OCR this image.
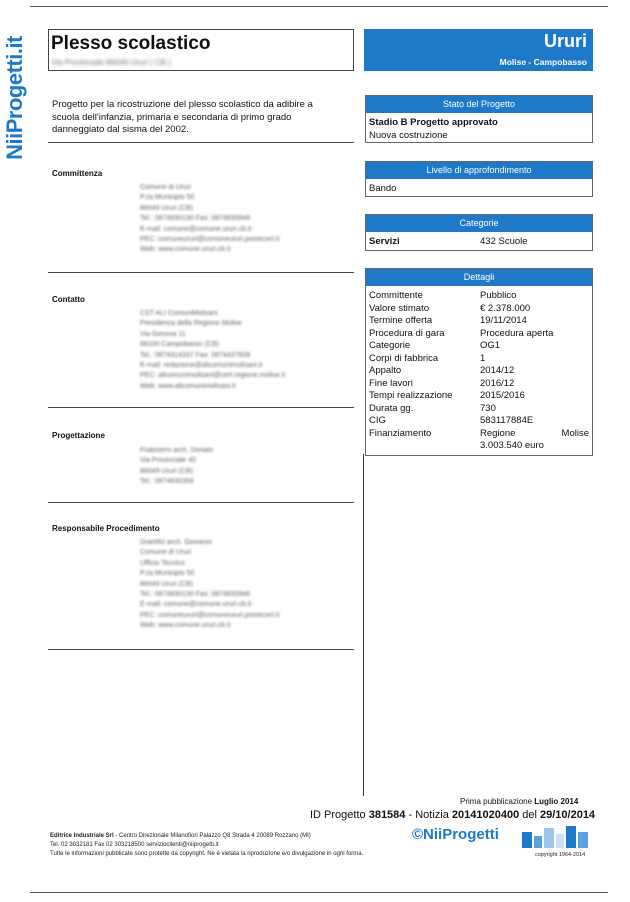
NiiProgetti.it Plesso scolastico
Via Provinciale 86049 Ururi ( CB )
Ururi
Molise - Campobasso
Progetto per la ricostruzione del plesso scolastico da adibire a scuola dell'infanzia, primaria e secondaria di primo grado danneggiato dal sisma del 2002.
Committenza
Comune di Ururi
P.za Municipio 50
86049 Ururi (CB)
Tel.: 0874830130 Fax: 0874830946
E-mail: comune@comune.ururi.cb.it
PEC: comuneururi@comuneururi.postecert.it
Web: www.comune.ururi.cb.it
Contatto
CST ALI ComuniMolisani
Presidenza della Regione Molise
Via Genova 11
86100 Campobasso (CB)
Tel.: 0874314337 Fax: 0874437609
E-mail: redazione@alicomunimolisani.it
PEC: alicomunimolisani@cert.regione.molise.it
Web: www.alicomunimolisani.it
Progettazione
Frabiserni arch. Donato
Via Provinciale 40
86049 Ururi (CB)
Tel.: 0874830356
Responsabile Procedimento
Granitto arch. Giovanni
Comune di Ururi
Ufficio Tecnico
P.za Municipio 50
86049 Ururi (CB)
Tel.: 0874830130 Fax: 0874830946
E-mail: comune@comune.ururi.cb.it
PEC: comuneururi@comuneururi.postecert.it
Web: www.comune.ururi.cb.it
Stato del Progetto
Stadio B Progetto approvato
Nuova costruzione
Livello di approfondimento
Bando
Categorie
Servizi	432 Scuole
Dettagli
Committente	Pubblico
Valore stimato	€ 2.378.000
Termine offerta	19/11/2014
Procedura di gara	Procedura aperta
Categorie	OG1
Corpi di fabbrica	1
Appalto	2014/12
Fine lavori	2016/12
Tempi realizzazione	2015/2016
Durata gg.	730
CIG	583117884E
Finanziamento	Regione Molise 3.003.540 euro
Prima pubblicazione Luglio 2014
ID Progetto 381584 - Notizia 20141020400 del 29/10/2014
Editrice Industriale Srl - Centro Direzionale Milanofiori Palazzo Q8 Strada 4 20089 Rozzano (MI)
Tel. 02 3032181 Fax 02 303218500 serviziocllenti@niiprogetti.it
Tutte le informazioni pubblicate sono protette da copyright. Ne è vietata la riproduzione e/o divulgazione in ogni forma.
©NiiProgetti
copyright 1964-2014
